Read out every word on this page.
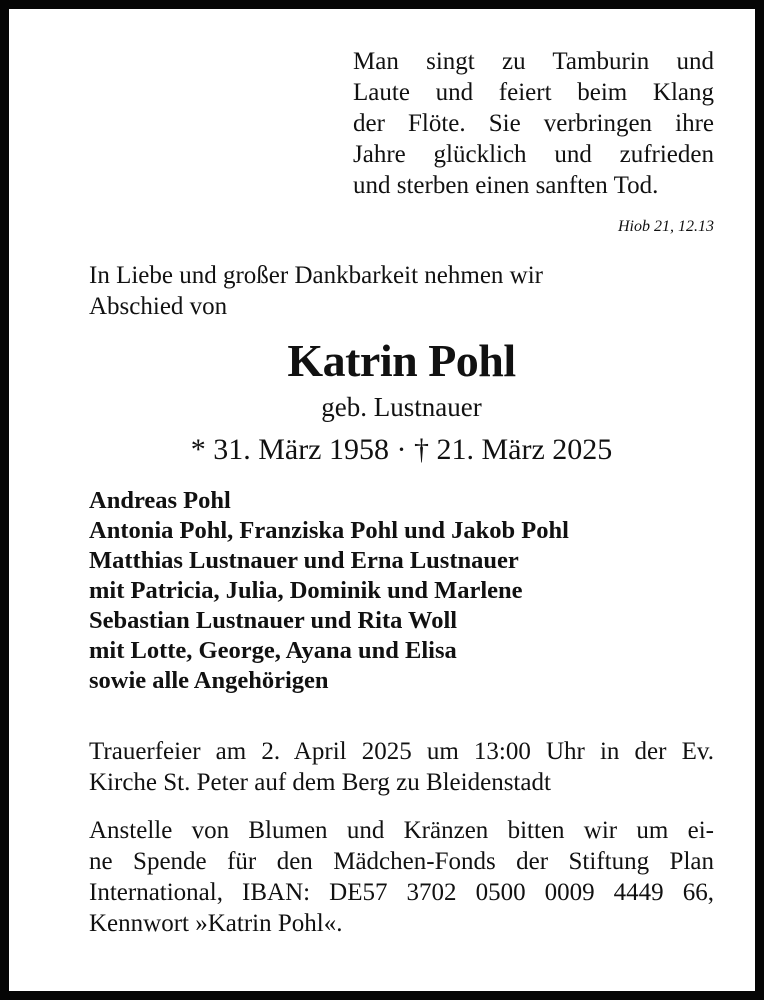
Man singt zu Tamburin und
Laute und feiert beim Klang
der Flöte. Sie verbringen ihre
Jahre glücklich und zufrieden
und sterben einen sanften Tod.
Hiob 21, 12.13
In Liebe und großer Dankbarkeit nehmen wir
Abschied von
Katrin Pohl
geb. Lustnauer
* 31. März 1958 · † 21. März 2025
Andreas Pohl
Antonia Pohl, Franziska Pohl und Jakob Pohl
Matthias Lustnauer und Erna Lustnauer
mit Patricia, Julia, Dominik und Marlene
Sebastian Lustnauer und Rita Woll
mit Lotte, George, Ayana und Elisa
sowie alle Angehörigen
Trauerfeier am 2. April 2025 um 13:00 Uhr in der Ev.
Kirche St. Peter auf dem Berg zu Bleidenstadt
Anstelle von Blumen und Kränzen bitten wir um ei-
ne Spende für den Mädchen-Fonds der Stiftung Plan
International, IBAN: DE57 3702 0500 0009 4449 66,
Kennwort »Katrin Pohl«.
